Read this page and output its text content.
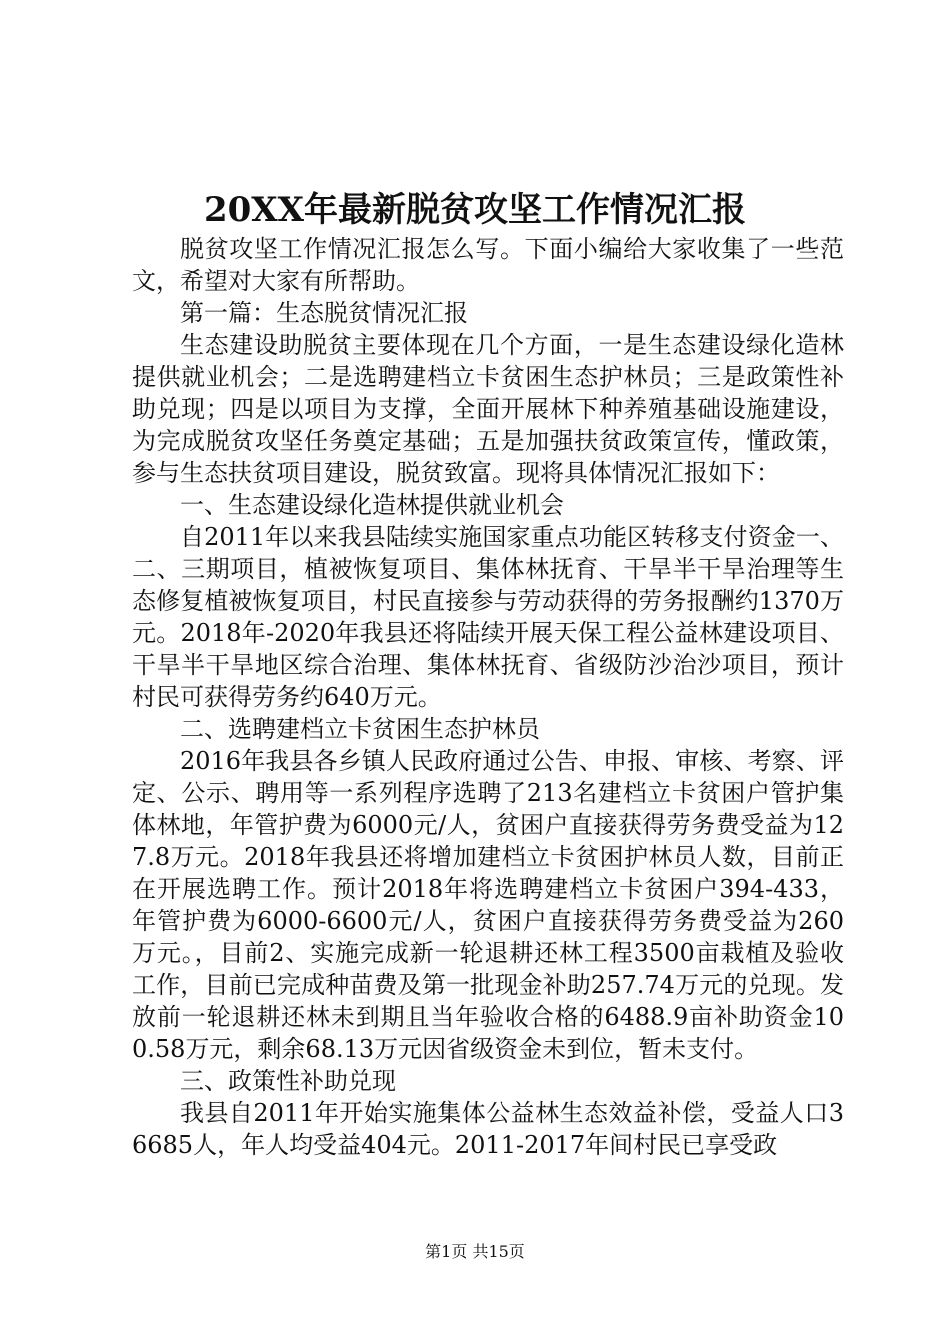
20XX年最新脱贫攻坚工作情况汇报

脱贫攻坚工作情况汇报怎么写。下面小编给大家收集了一些范文，希望对大家有所帮助。

第一篇：生态脱贫情况汇报

生态建设助脱贫主要体现在几个方面，一是生态建设绿化造林提供就业机会；二是选聘建档立卡贫困生态护林员；三是政策性补助兑现；四是以项目为支撑，全面开展林下种养殖基础设施建设，为完成脱贫攻坚任务奠定基础；五是加强扶贫政策宣传，懂政策，参与生态扶贫项目建设，脱贫致富。现将具体情况汇报如下：

一、生态建设绿化造林提供就业机会

自2011年以来我县陆续实施国家重点功能区转移支付资金一、二、三期项目，植被恢复项目、集体林抚育、干旱半干旱治理等生态修复植被恢复项目，村民直接参与劳动获得的劳务报酬约1370万元。2018年-2020年我县还将陆续开展天保工程公益林建设项目、干旱半干旱地区综合治理、集体林抚育、省级防沙治沙项目，预计村民可获得劳务约640万元。

二、选聘建档立卡贫困生态护林员

2016年我县各乡镇人民政府通过公告、申报、审核、考察、评定、公示、聘用等一系列程序选聘了213名建档立卡贫困户管护集体林地，年管护费为6000元/人，贫困户直接获得劳务费受益为127.8万元。2018年我县还将增加建档立卡贫困护林员人数，目前正在开展选聘工作。预计2018年将选聘建档立卡贫困户394-433，年管护费为6000-6600元/人，贫困户直接获得劳务费受益为260万元。，目前2、实施完成新一轮退耕还林工程3500亩栽植及验收工作，目前已完成种苗费及第一批现金补助257.74万元的兑现。发放前一轮退耕还林未到期且当年验收合格的6488.9亩补助资金100.58万元，剩余68.13万元因省级资金未到位，暂未支付。

三、政策性补助兑现

我县自2011年开始实施集体公益林生态效益补偿，受益人口36685人，年人均受益404元。2011-2017年间村民已享受政

第1页 共15页
